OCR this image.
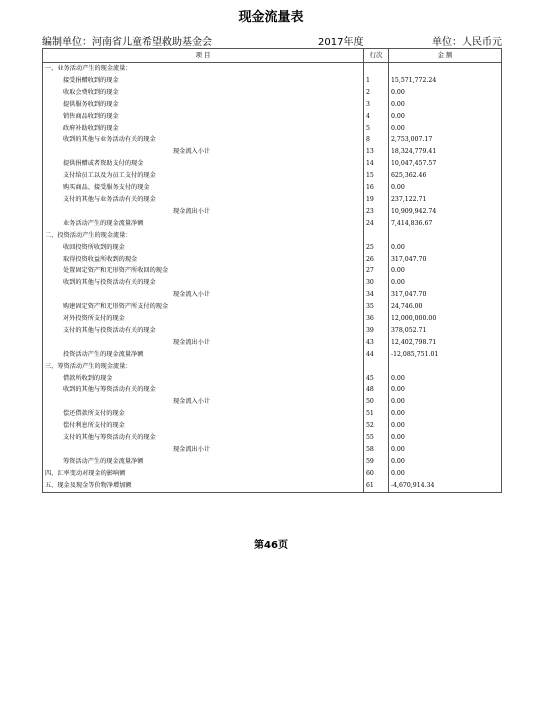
现金流量表
编制单位：河南省儿童希望救助基金会	2017年度	单位：人民币元
项 目	行次	金 额
一、业务活动产生的现金流量：		
接受捐赠收到的现金	1	15,571,772.24
收取会费收到的现金	2	0.00
提供服务收到的现金	3	0.00
销售商品收到的现金	4	0.00
政府补助收到的现金	5	0.00
收到的其他与业务活动有关的现金	8	2,753,007.17
现金流入小计	13	18,324,779.41
提供捐赠或者资助支付的现金	14	10,047,457.57
支付给员工以及为员工支付的现金	15	625,362.46
购买商品、接受服务支付的现金	16	0.00
支付的其他与业务活动有关的现金	19	237,122.71
现金流出小计	23	10,909,942.74
业务活动产生的现金流量净额	24	7,414,836.67
二、投资活动产生的现金流量：		
收回投资所收到的现金	25	0.00
取得投资收益所收到的现金	26	317,047.70
处置固定资产和无形资产所收回的现金	27	0.00
收到的其他与投资活动有关的现金	30	0.00
现金流入小计	34	317,047.70
购建固定资产和无形资产所支付的现金	35	24,746.00
对外投资所支付的现金	36	12,000,000.00
支付的其他与投资活动有关的现金	39	378,052.71
现金流出小计	43	12,402,798.71
投资活动产生的现金流量净额	44	-12,085,751.01
三、筹资活动产生的现金流量：		
借款所收到的现金	45	0.00
收到的其他与筹资活动有关的现金	48	0.00
现金流入小计	50	0.00
偿还借款所支付的现金	51	0.00
偿付利息所支付的现金	52	0.00
支付的其他与筹资活动有关的现金	55	0.00
现金流出小计	58	0.00
筹资活动产生的现金流量净额	59	0.00
四、汇率变动对现金的影响额	60	0.00
五、现金及现金等价物净增加额	61	-4,670,914.34
第46页
